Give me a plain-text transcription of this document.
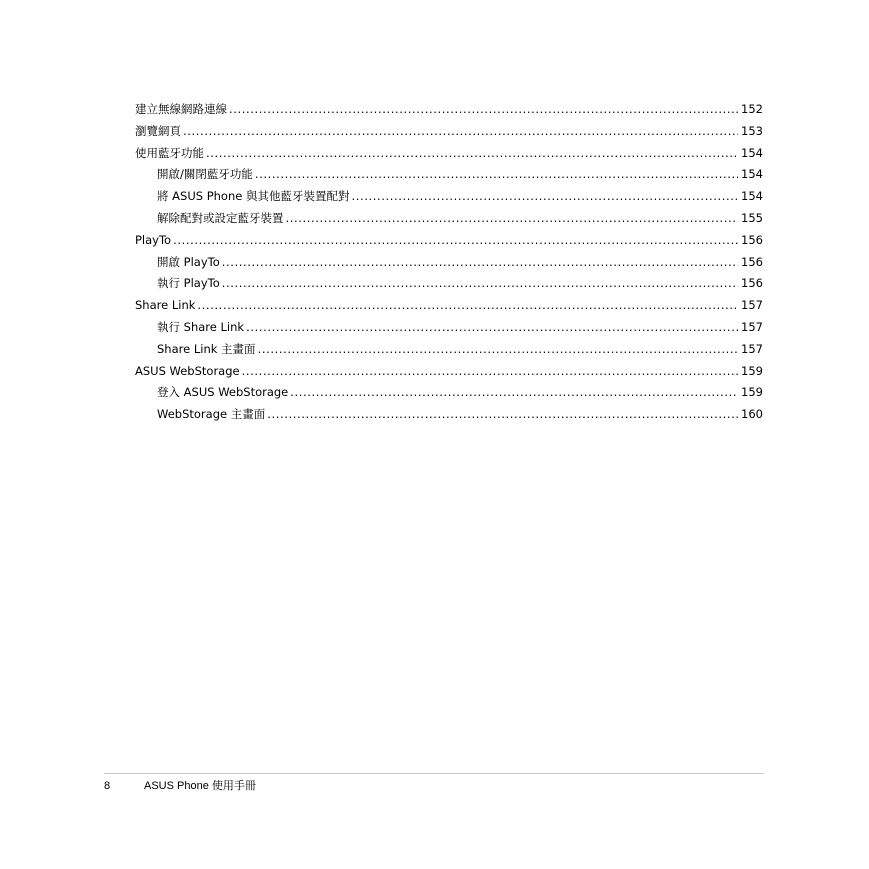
建立無線網路連線 .....	152
瀏覽網頁 .....	153
使用藍牙功能 .....	154
開啟/關閉藍牙功能 .....	154
將 ASUS Phone 與其他藍牙裝置配對 .....	154
解除配對或設定藍牙裝置 .....	155
PlayTo .....	156
開啟 PlayTo .....	156
執行 PlayTo .....	156
Share Link .....	157
執行 Share Link .....	157
Share Link 主畫面 .....	157
ASUS WebStorage .....	159
登入 ASUS WebStorage .....	159
WebStorage 主畫面 .....	160
8	ASUS Phone 使用手冊
